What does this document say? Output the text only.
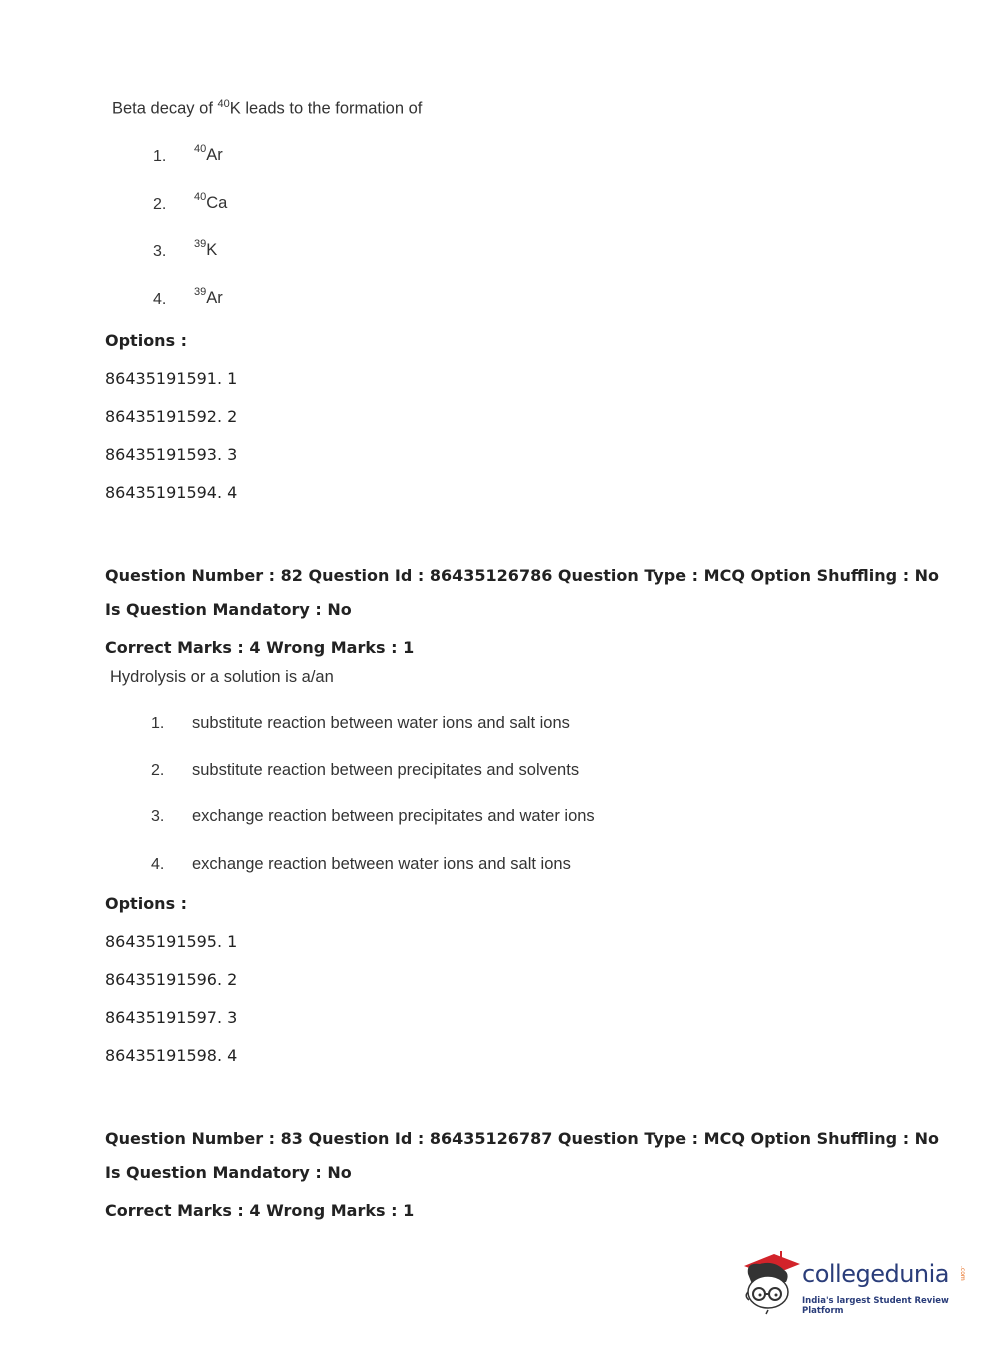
Beta decay of $^{40}$K leads to the formation of
1.	$^{40}$Ar
2.	$^{40}$Ca
3.	$^{39}$K
4.	$^{39}$Ar
Options :
86435191591. 1
86435191592. 2
86435191593. 3
86435191594. 4
Question Number : 82 Question Id : 86435126786 Question Type : MCQ Option Shuffling : No
Is Question Mandatory : No
Correct Marks : 4 Wrong Marks : 1
Hydrolysis or a solution is a/an
1. substitute reaction between water ions and salt ions
2. substitute reaction between precipitates and solvents
3. exchange reaction between precipitates and water ions
4. exchange reaction between water ions and salt ions
Options :
86435191595. 1
86435191596. 2
86435191597. 3
86435191598. 4
Question Number : 83 Question Id : 86435126787 Question Type : MCQ Option Shuffling : No
Is Question Mandatory : No
Correct Marks : 4 Wrong Marks : 1
collegedunia .com
India's largest Student Review Platform
